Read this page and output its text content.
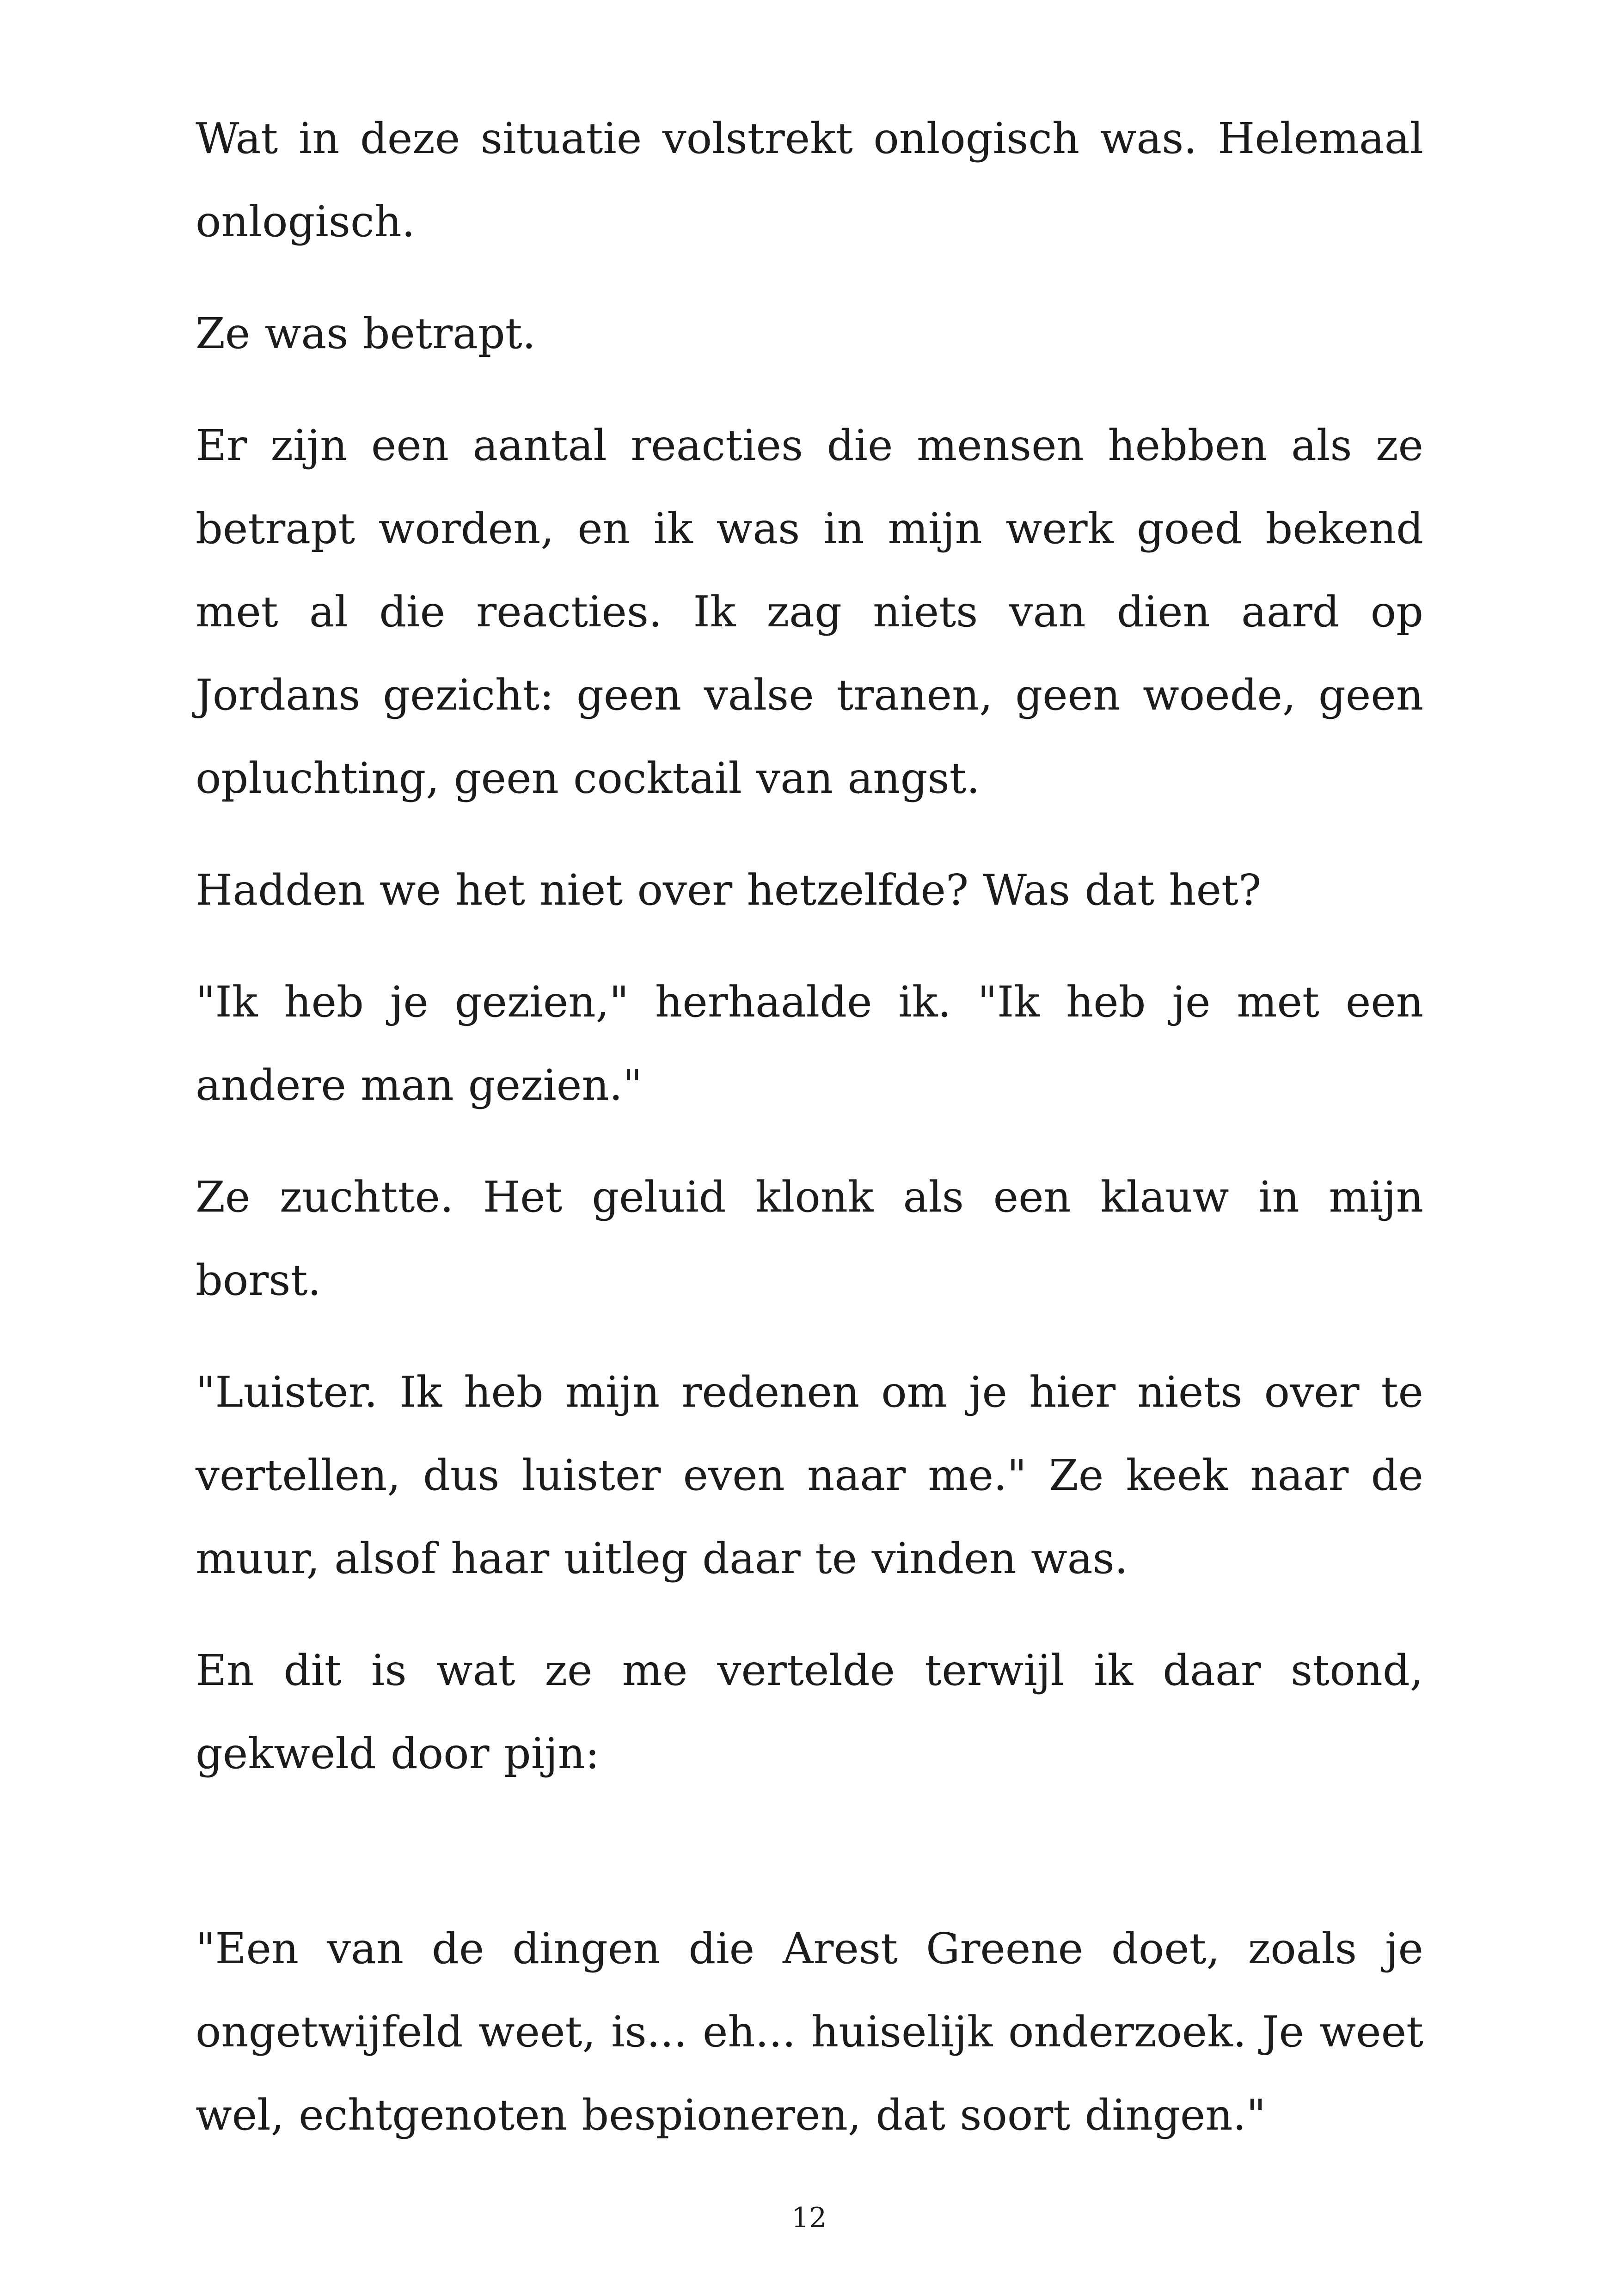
Wat in deze situatie volstrekt onlogisch was. Helemaal onlogisch.

Ze was betrapt.

Er zijn een aantal reacties die mensen hebben als ze betrapt worden, en ik was in mijn werk goed bekend met al die reacties. Ik zag niets van dien aard op Jordans gezicht: geen valse tranen, geen woede, geen opluchting, geen cocktail van angst.

Hadden we het niet over hetzelfde? Was dat het?

"Ik heb je gezien," herhaalde ik. "Ik heb je met een andere man gezien."

Ze zuchtte. Het geluid klonk als een klauw in mijn borst.

"Luister. Ik heb mijn redenen om je hier niets over te vertellen, dus luister even naar me." Ze keek naar de muur, alsof haar uitleg daar te vinden was.

En dit is wat ze me vertelde terwijl ik daar stond, gekweld door pijn:

"Een van de dingen die Arest Greene doet, zoals je ongetwijfeld weet, is... eh... huiselijk onderzoek. Je weet wel, echtgenoten bespioneren, dat soort dingen."

12
